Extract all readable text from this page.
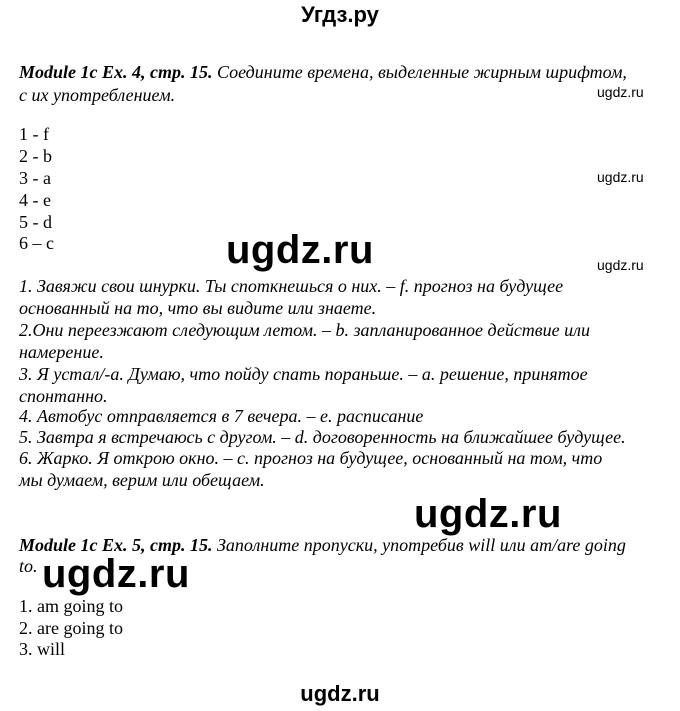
Угдз.ру
Module 1c Ex. 4, стр. 15. Соедините времена, выделенные жирным шрифтом,
с их употреблением.	ugdz.ru
ugdz.ru
ugdz.ru
1 - f
2 - b
3 - a
4 - e
5 - d
6 – c	ugdz.ru
1. Завяжи свои шнурки. Ты споткнешься о них. – f. прогноз на будущее
основанный на то, что вы видите или знаете.
2.Они переезжают следующим летом. – b. запланированное действие или
намерение.
3. Я устал/-а. Думаю, что пойду спать пораньше. – a. решение, принятое
спонтанно.
4. Автобус отправляется в 7 вечера. – e. расписание
5. Завтра я встречаюсь с другом. – d. договоренность на ближайшее будущее.
6. Жарко. Я открою окно. – с. прогноз на будущее, основанный на том, что
мы думаем, верим или обещаем.
ugdz.ru
Module 1c Ex. 5, стр. 15. Заполните пропуски, употребив will или am/are going
to. ugdz.ru
1. am going to
2. are going to
3. will
ugdz.ru
